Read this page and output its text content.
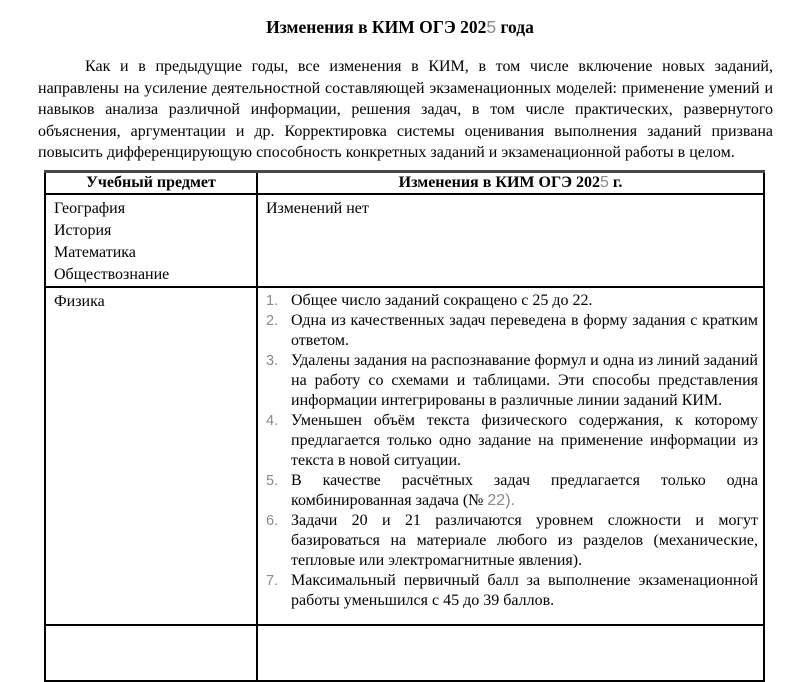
Изменения в КИМ ОГЭ 2025 года

Как и в предыдущие годы, все изменения в КИМ, в том числе включение новых заданий, направлены на усиление деятельностной составляющей экзаменационных моделей: применение умений и навыков анализа различной информации, решения задач, в том числе практических, развернутого объяснения, аргументации и др. Корректировка системы оценивания выполнения заданий призвана повысить дифференцирующую способность конкретных заданий и экзаменационной работы в целом.

Учебный предмет	Изменения в КИМ ОГЭ 2025 г.

География
История
Математика
Обществознание	Изменений нет

Физика	1. Общее число заданий сокращено с 25 до 22.
2. Одна из качественных задач переведена в форму задания с кратким ответом.
3. Удалены задания на распознавание формул и одна из линий заданий на работу со схемами и таблицами. Эти способы представления информации интегрированы в различные линии заданий КИМ.
4. Уменьшен объём текста физического содержания, к которому предлагается только одно задание на применение информации из текста в новой ситуации.
5. В качестве расчётных задач предлагается только одна комбинированная задача (№ 22).
6. Задачи 20 и 21 различаются уровнем сложности и могут базироваться на материале любого из разделов (механические, тепловые или электромагнитные явления).
7. Максимальный первичный балл за выполнение экзаменационной работы уменьшился с 45 до 39 баллов.
